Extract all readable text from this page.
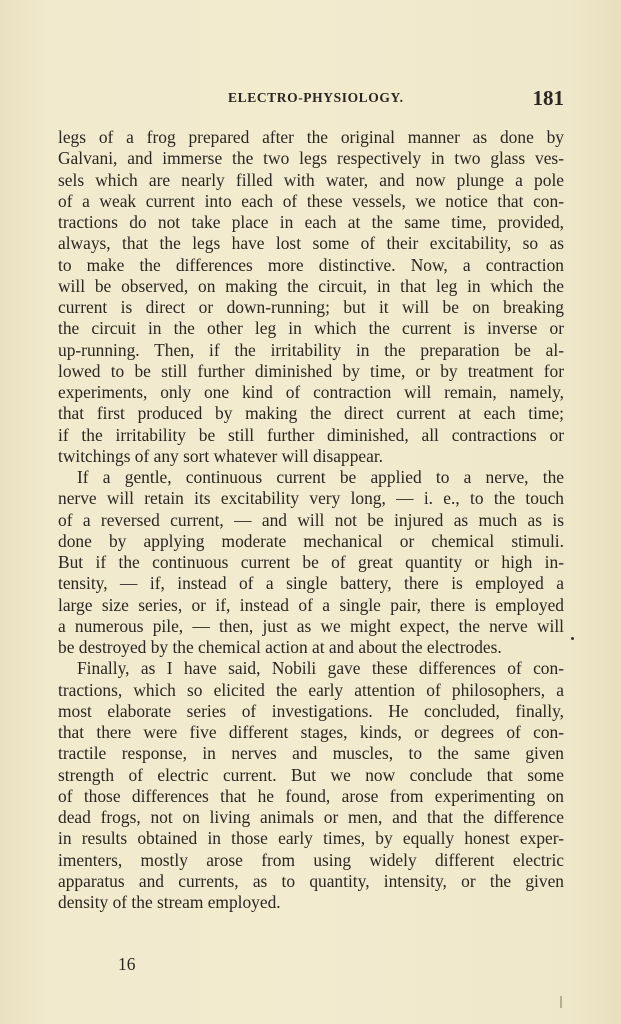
ELECTRO-PHYSIOLOGY.	181
legs of a frog prepared after the original manner as done by
Galvani, and immerse the two legs respectively in two glass ves-
sels which are nearly filled with water, and now plunge a pole
of a weak current into each of these vessels, we notice that con-
tractions do not take place in each at the same time, provided,
always, that the legs have lost some of their excitability, so as
to make the differences more distinctive. Now, a contraction
will be observed, on making the circuit, in that leg in which the
current is direct or down-running; but it will be on breaking
the circuit in the other leg in which the current is inverse or
up-running. Then, if the irritability in the preparation be al-
lowed to be still further diminished by time, or by treatment for
experiments, only one kind of contraction will remain, namely,
that first produced by making the direct current at each time;
if the irritability be still further diminished, all contractions or
twitchings of any sort whatever will disappear.
If a gentle, continuous current be applied to a nerve, the
nerve will retain its excitability very long, — i. e., to the touch
of a reversed current, — and will not be injured as much as is
done by applying moderate mechanical or chemical stimuli.
But if the continuous current be of great quantity or high in-
tensity, — if, instead of a single battery, there is employed a
large size series, or if, instead of a single pair, there is employed
a numerous pile, — then, just as we might expect, the nerve will
be destroyed by the chemical action at and about the electrodes.
Finally, as I have said, Nobili gave these differences of con-
tractions, which so elicited the early attention of philosophers, a
most elaborate series of investigations. He concluded, finally,
that there were five different stages, kinds, or degrees of con-
tractile response, in nerves and muscles, to the same given
strength of electric current. But we now conclude that some
of those differences that he found, arose from experimenting on
dead frogs, not on living animals or men, and that the difference
in results obtained in those early times, by equally honest exper-
imenters, mostly arose from using widely different electric
apparatus and currents, as to quantity, intensity, or the given
density of the stream employed.
16
